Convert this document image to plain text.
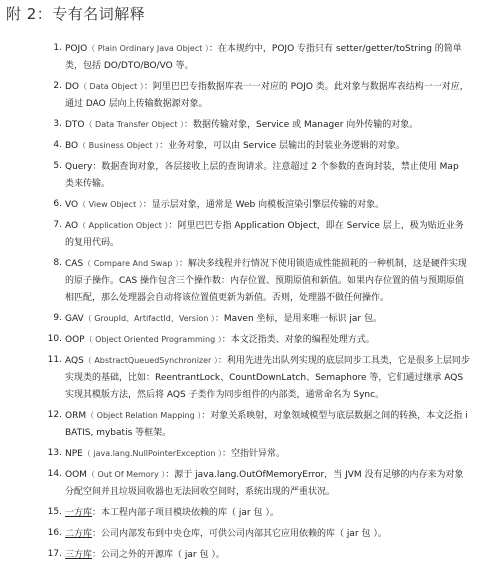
附 2：专有名词解释
1. POJO（ Plain Ordinary Java Object ）：在本规约中，POJO 专指只有 setter/getter/toString 的简单类，包括 DO/DTO/BO/VO 等。
2. DO（ Data Object ）：阿里巴巴专指数据库表一一对应的 POJO 类。此对象与数据库表结构一一对应，通过 DAO 层向上传输数据源对象。
3. DTO（ Data Transfer Object ）：数据传输对象，Service 或 Manager 向外传输的对象。
4. BO（ Business Object ）：业务对象，可以由 Service 层输出的封装业务逻辑的对象。
5. Query：数据查询对象，各层接收上层的查询请求。注意超过 2 个参数的查询封装，禁止使用 Map 类来传输。
6. VO（ View Object ）：显示层对象，通常是 Web 向模板渲染引擎层传输的对象。
7. AO（ Application Object ）：阿里巴巴专指 Application Object，即在 Service 层上，极为贴近业务的复用代码。
8. CAS（ Compare And Swap ）：解决多线程并行情况下使用锁造成性能损耗的一种机制，这是硬件实现的原子操作。CAS 操作包含三个操作数：内存位置、预期原值和新值。如果内存位置的值与预期原值相匹配，那么处理器会自动将该位置值更新为新值。否则，处理器不做任何操作。
9. GAV（ GroupId、ArtifactId、Version ）：Maven 坐标，是用来唯一标识 jar 包。
10. OOP（ Object Oriented Programming ）：本文泛指类、对象的编程处理方式。
11. AQS（ AbstractQueuedSynchronizer ）：利用先进先出队列实现的底层同步工具类，它是很多上层同步实现类的基础，比如：ReentrantLock、CountDownLatch、Semaphore 等，它们通过继承 AQS 实现其模版方法，然后将 AQS 子类作为同步组件的内部类，通常命名为 Sync。
12. ORM（ Object Relation Mapping ）：对象关系映射，对象领域模型与底层数据之间的转换，本文泛指 iBATIS, mybatis 等框架。
13. NPE（ java.lang.NullPointerException ）：空指针异常。
14. OOM（ Out Of Memory ）：源于 java.lang.OutOfMemoryError，当 JVM 没有足够的内存来为对象分配空间并且垃圾回收器也无法回收空间时，系统出现的严重状况。
15. 一方库：本工程内部子项目模块依赖的库（ jar 包 ）。
16. 二方库：公司内部发布到中央仓库，可供公司内部其它应用依赖的库（ jar 包 ）。
17. 三方库：公司之外的开源库（ jar 包 ）。
